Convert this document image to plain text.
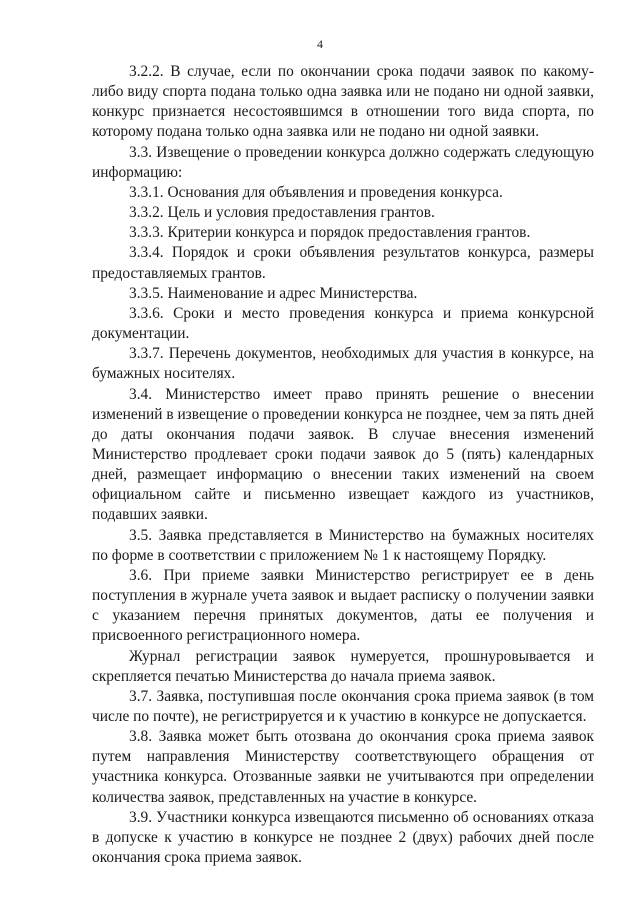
4

3.2.2. В случае, если по окончании срока подачи заявок по какому-либо виду спорта подана только одна заявка или не подано ни одной заявки, конкурс признается несостоявшимся в отношении того вида спорта, по которому подана только одна заявка или не подано ни одной заявки.

3.3. Извещение о проведении конкурса должно содержать следующую информацию:

3.3.1. Основания для объявления и проведения конкурса.

3.3.2. Цель и условия предоставления грантов.

3.3.3. Критерии конкурса и порядок предоставления грантов.

3.3.4. Порядок и сроки объявления результатов конкурса, размеры предоставляемых грантов.

3.3.5. Наименование и адрес Министерства.

3.3.6. Сроки и место проведения конкурса и приема конкурсной документации.

3.3.7. Перечень документов, необходимых для участия в конкурсе, на бумажных носителях.

3.4. Министерство имеет право принять решение о внесении изменений в извещение о проведении конкурса не позднее, чем за пять дней до даты окончания подачи заявок. В случае внесения изменений Министерство продлевает сроки подачи заявок до 5 (пять) календарных дней, размещает информацию о внесении таких изменений на своем официальном сайте и письменно извещает каждого из участников, подавших заявки.

3.5. Заявка представляется в Министерство на бумажных носителях по форме в соответствии с приложением № 1 к настоящему Порядку.

3.6. При приеме заявки Министерство регистрирует ее в день поступления в журнале учета заявок и выдает расписку о получении заявки с указанием перечня принятых документов, даты ее получения и присвоенного регистрационного номера.

Журнал регистрации заявок нумеруется, прошнуровывается и скрепляется печатью Министерства до начала приема заявок.

3.7. Заявка, поступившая после окончания срока приема заявок (в том числе по почте), не регистрируется и к участию в конкурсе не допускается.

3.8. Заявка может быть отозвана до окончания срока приема заявок путем направления Министерству соответствующего обращения от участника конкурса. Отозванные заявки не учитываются при определении количества заявок, представленных на участие в конкурсе.

3.9. Участники конкурса извещаются письменно об основаниях отказа в допуске к участию в конкурсе не позднее 2 (двух) рабочих дней после окончания срока приема заявок.
